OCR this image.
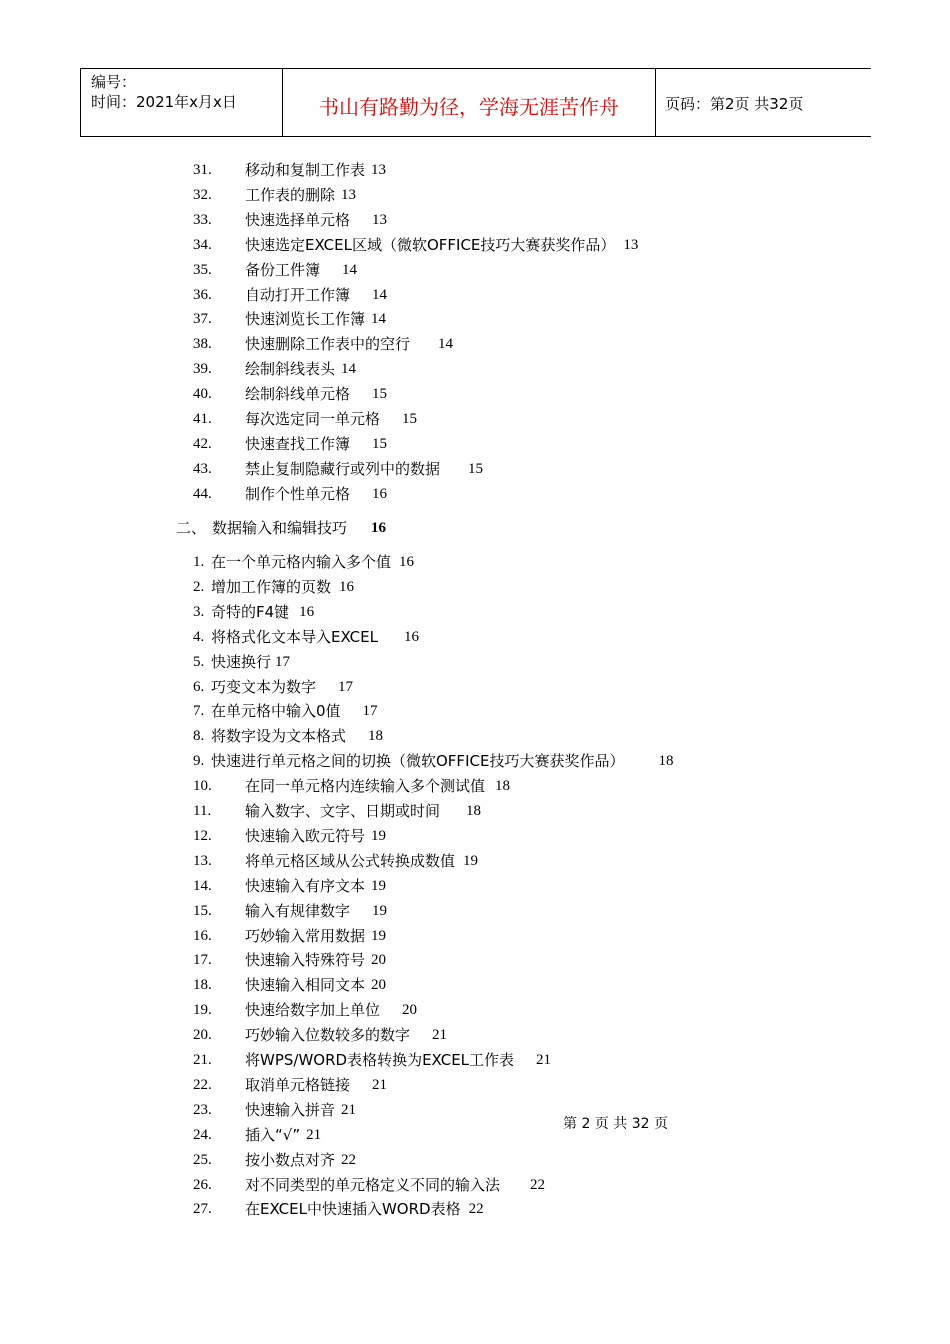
编号：
时间：2021年x月x日	书山有路勤为径，学海无涯苦作舟	页码：第2页 共32页
31. 移动和复制工作表 13
32. 工作表的删除 13
33. 快速选择单元格 13
34. 快速选定EXCEL区域（微软OFFICE技巧大赛获奖作品） 13
35. 备份工件簿 14
36. 自动打开工作簿 14
37. 快速浏览长工作簿 14
38. 快速删除工作表中的空行 14
39. 绘制斜线表头 14
40. 绘制斜线单元格 15
41. 每次选定同一单元格 15
42. 快速查找工作簿 15
43. 禁止复制隐藏行或列中的数据 15
44. 制作个性单元格 16
二、 数据输入和编辑技巧 16
1. 在一个单元格内输入多个值 16
2. 增加工作簿的页数 16
3. 奇特的F4键 16
4. 将格式化文本导入EXCEL 16
5. 快速换行 17
6. 巧变文本为数字 17
7. 在单元格中输入0值 17
8. 将数字设为文本格式 18
9. 快速进行单元格之间的切换（微软OFFICE技巧大赛获奖作品） 18
10. 在同一单元格内连续输入多个测试值 18
11. 输入数字、文字、日期或时间 18
12. 快速输入欧元符号 19
13. 将单元格区域从公式转换成数值 19
14. 快速输入有序文本 19
15. 输入有规律数字 19
16. 巧妙输入常用数据 19
17. 快速输入特殊符号 20
18. 快速输入相同文本 20
19. 快速给数字加上单位 20
20. 巧妙输入位数较多的数字 21
21. 将WPS/WORD表格转换为EXCEL工作表 21
22. 取消单元格链接 21
23. 快速输入拼音 21
24. 插入“√” 21
25. 按小数点对齐 22
26. 对不同类型的单元格定义不同的输入法 22
27. 在EXCEL中快速插入WORD表格 22
第 2 页 共 32 页
